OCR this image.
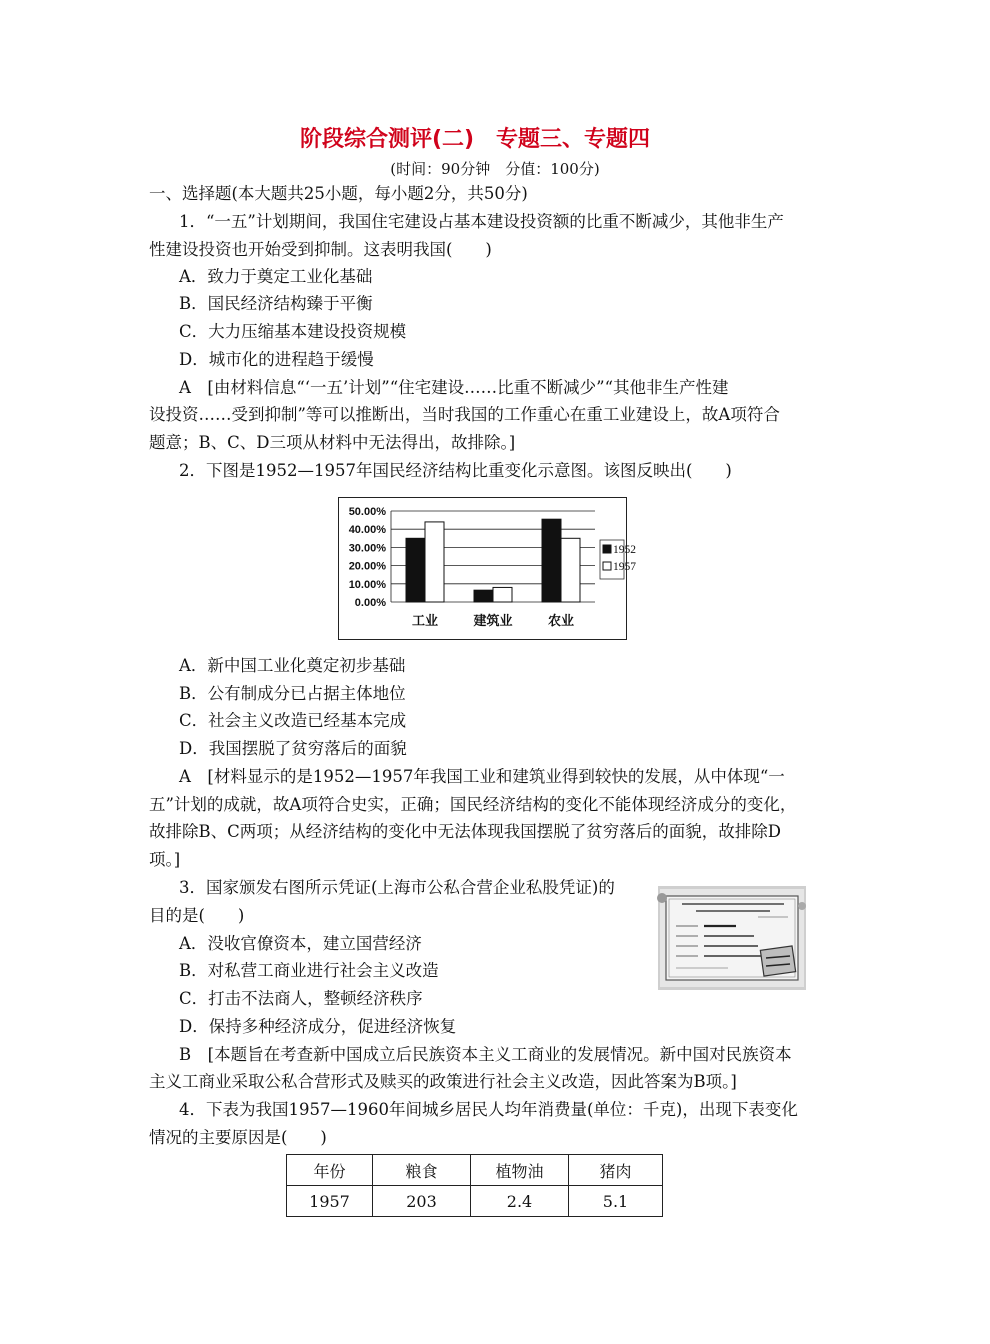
阶段综合测评(二)　专题三、专题四
(时间：90分钟　分值：100分)
一、选择题(本大题共25小题，每小题2分，共50分)
1．“一五”计划期间，我国住宅建设占基本建设投资额的比重不断减少，其他非生产
性建设投资也开始受到抑制。这表明我国(　　)
A．致力于奠定工业化基础
B．国民经济结构臻于平衡
C．大力压缩基本建设投资规模
D．城市化的进程趋于缓慢
A　[由材料信息“‘一五’计划”“住宅建设……比重不断减少”“其他非生产性建
设投资……受到抑制”等可以推断出，当时我国的工作重心在重工业建设上，故A项符合
题意；B、C、D三项从材料中无法得出，故排除。]
2．下图是1952—1957年国民经济结构比重变化示意图。该图反映出(　　)
0.00%
10.00%
20.00%
30.00%
40.00%
50.00%
工业	建筑业	农业
1952
1957
A．新中国工业化奠定初步基础
B．公有制成分已占据主体地位
C．社会主义改造已经基本完成
D．我国摆脱了贫穷落后的面貌
A　[材料显示的是1952—1957年我国工业和建筑业得到较快的发展，从中体现“一
五”计划的成就，故A项符合史实，正确；国民经济结构的变化不能体现经济成分的变化，
故排除B、C两项；从经济结构的变化中无法体现我国摆脱了贫穷落后的面貌，故排除D
项。]
3．国家颁发右图所示凭证(上海市公私合营企业私股凭证)的
目的是(　　)
A．没收官僚资本，建立国营经济
B．对私营工商业进行社会主义改造
C．打击不法商人，整顿经济秩序
D．保持多种经济成分，促进经济恢复
B　[本题旨在考查新中国成立后民族资本主义工商业的发展情况。新中国对民族资本
主义工商业采取公私合营形式及赎买的政策进行社会主义改造，因此答案为B项。]
4．下表为我国1957—1960年间城乡居民人均年消费量(单位：千克)，出现下表变化
情况的主要原因是(　　)
年份	粮食	植物油	猪肉
1957	203	2.4	5.1
